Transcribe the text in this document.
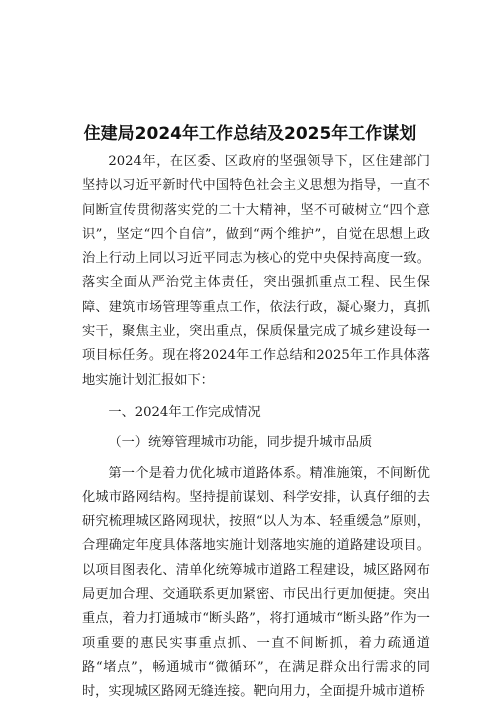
住建局2024年工作总结及2025年工作谋划

2024年，在区委、区政府的坚强领导下，区住建部门坚持以习近平新时代中国特色社会主义思想为指导，一直不间断宣传贯彻落实党的二十大精神，坚不可破树立“四个意识”，坚定“四个自信”，做到“两个维护”，自觉在思想上政治上行动上同以习近平同志为核心的党中央保持高度一致。落实全面从严治党主体责任，突出强抓重点工程、民生保障、建筑市场管理等重点工作，依法行政，凝心聚力，真抓实干，聚焦主业，突出重点，保质保量完成了城乡建设每一项目标任务。现在将2024年工作总结和2025年工作具体落地实施计划汇报如下：

一、2024年工作完成情况

（一）统筹管理城市功能，同步提升城市品质

第一个是着力优化城市道路体系。精准施策，不间断优化城市路网结构。坚持提前谋划、科学安排，认真仔细的去研究梳理城区路网现状，按照“以人为本、轻重缓急”原则，合理确定年度具体落地实施计划落地实施的道路建设项目。以项目图表化、清单化统筹城市道路工程建设，城区路网布局更加合理、交通联系更加紧密、市民出行更加便捷。突出重点，着力打通城市“断头路”，将打通城市“断头路”作为一项重要的惠民实事重点抓、一直不间断抓，着力疏通道路“堵点”，畅通城市“微循环”，在满足群众出行需求的同时，实现城区路网无缝连接。靶向用力，全面提升城市道桥
